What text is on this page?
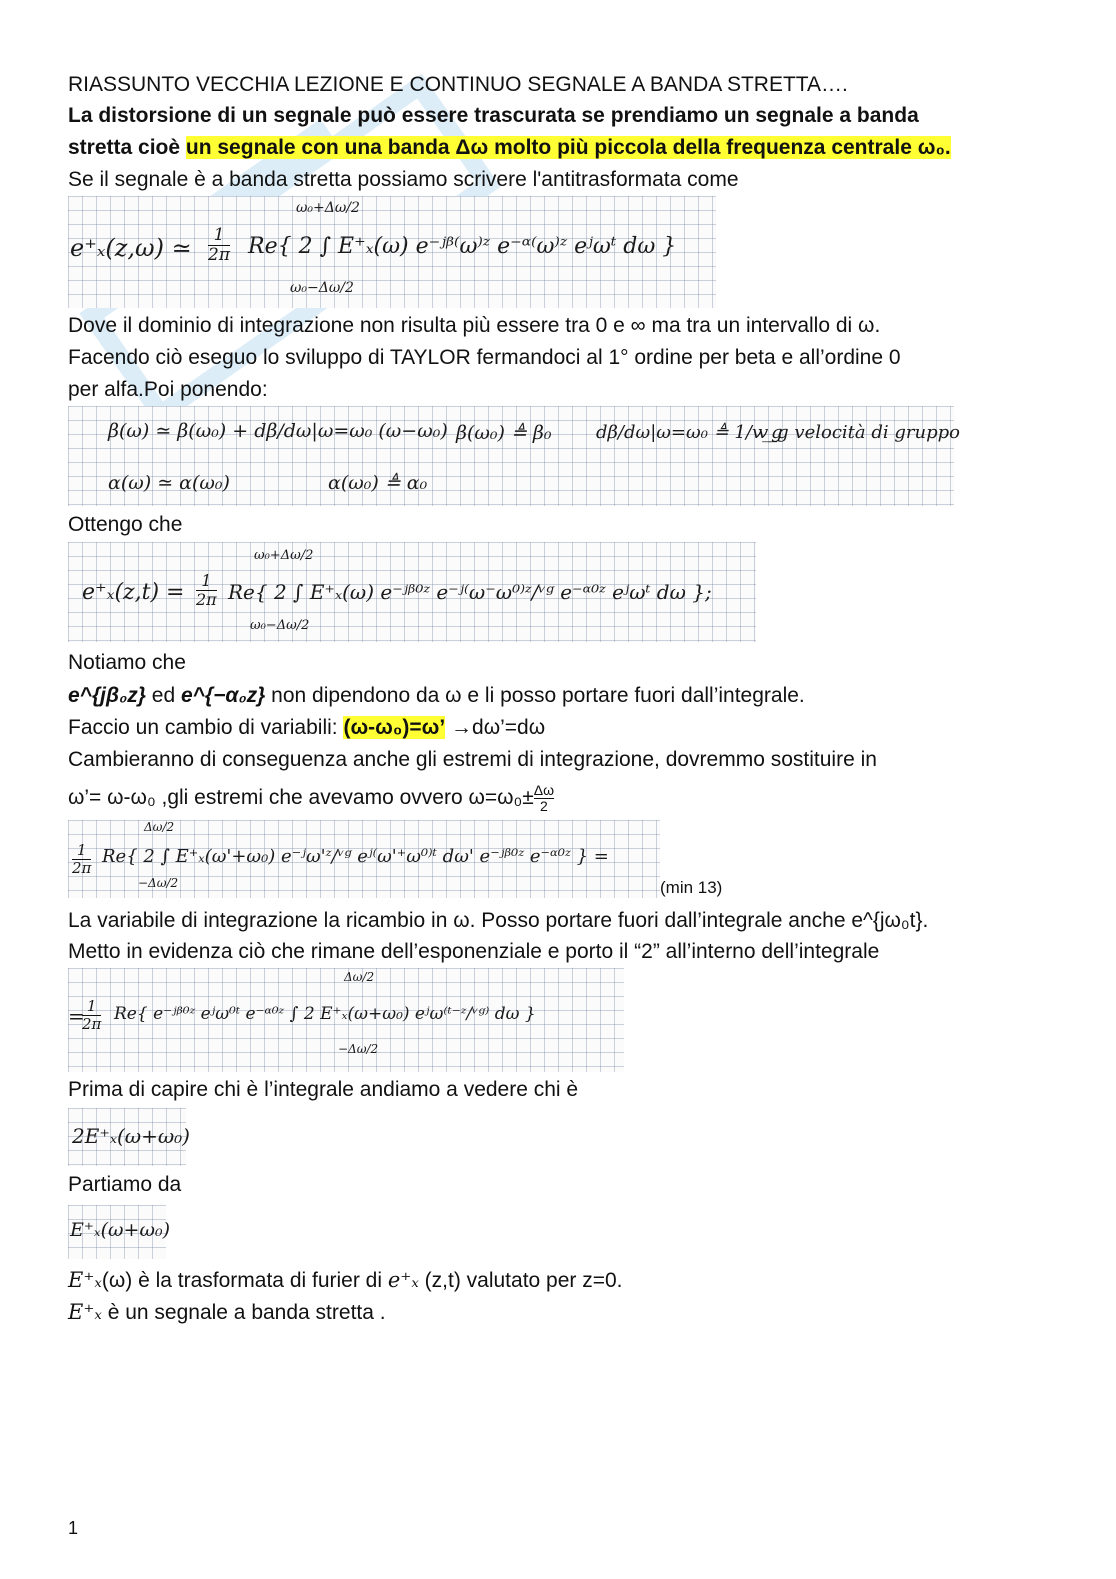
RIASSUNTO VECCHIA LEZIONE E CONTINUO SEGNALE A BANDA STRETTA….
La distorsione di un segnale può essere trascurata se prendiamo un segnale a banda
stretta cioè un segnale con una banda Δω molto più piccola della frequenza centrale ω₀.
Se il segnale è a banda stretta possiamo scrivere l'antitrasformata come
e⁺ₓ(z,ω) ≃ $\frac{1}{2\pi}$
ω₀+Δω/2
Re{ 2 ∫ E⁺ₓ(ω) e⁻ʲᵝ⁽ω⁾ᶻ e⁻ᵅ⁽ω⁾ᶻ eʲωᵗ dω }
ω₀−Δω/2
Dove il dominio di integrazione non risulta più essere tra 0 e ∞ ma tra un intervallo di ω.
Facendo ciò eseguo lo sviluppo di TAYLOR fermandoci al 1° ordine per beta e all’ordine 0
per alfa.Poi ponendo:
β(ω) ≃ β(ω₀) + dβ/dω|ω=ω₀ (ω−ω₀) β(ω₀) ≜ β₀ dβ/dω|ω=ω₀ ≜ 1/v_g
v_g velocità di gruppo
α(ω) ≃ α(ω₀)	α(ω₀) ≜ α₀
Ottengo che
$e^+_x(z,t) = \frac{1}{2\pi}$
ω₀+Δω/2
Re{ 2 ∫ E⁺ₓ(ω) e⁻ʲᵝ⁰ᶻ e⁻ʲ⁽ω⁻ω⁰⁾ᶻ/ᵛᵍ e⁻ᵅ⁰ᶻ eʲωᵗ dω };
ω₀−Δω/2
Notiamo che
e^{jβ₀z} ed e^{−α₀z} non dipendono da ω e li posso portare fuori dall’integrale.
Faccio un cambio di variabili: (ω-ω₀)=ω’ →dω’=dω
Cambieranno di conseguenza anche gli estremi di integrazione, dovremmo sostituire in
ω’= ω-ω₀ ,gli estremi che avevamo ovvero $\omega=\omega_0\pm \frac{\Delta\omega}{2}$
$\frac{1}{2\pi}$
Δω/2
Re{ 2 ∫ E⁺ₓ(ω'+ω₀) e⁻ʲω'ᶻ/ᵛᵍ eʲ⁽ω'⁺ω⁰⁾ᵗ dω' e⁻ʲᵝ⁰ᶻ e⁻ᵅ⁰ᶻ } =
−Δω/2	(min 13)
La variabile di integrazione la ricambio in ω. Posso portare fuori dall’integrale anche e^{jω₀t}.
Metto in evidenza ciò che rimane dell’esponenziale e porto il “2” all’interno dell’integrale
=
$\frac{1}{2\pi}$
Δω/2
Re{ e⁻ʲᵝ⁰ᶻ eʲω⁰ᵗ e⁻ᵅ⁰ᶻ ∫ 2 E⁺ₓ(ω+ω₀) eʲω⁽ᵗ⁻ᶻ/ᵛᵍ⁾ dω }
−Δω/2
Prima di capire chi è l’integrale andiamo a vedere chi è
2E⁺ₓ(ω+ω₀)
Partiamo da
E⁺ₓ(ω+ω₀)
E⁺ₓ(ω) è la trasformata di furier di e⁺ₓ (z,t) valutato per z=0.
E⁺ₓ è un segnale a banda stretta .
1
